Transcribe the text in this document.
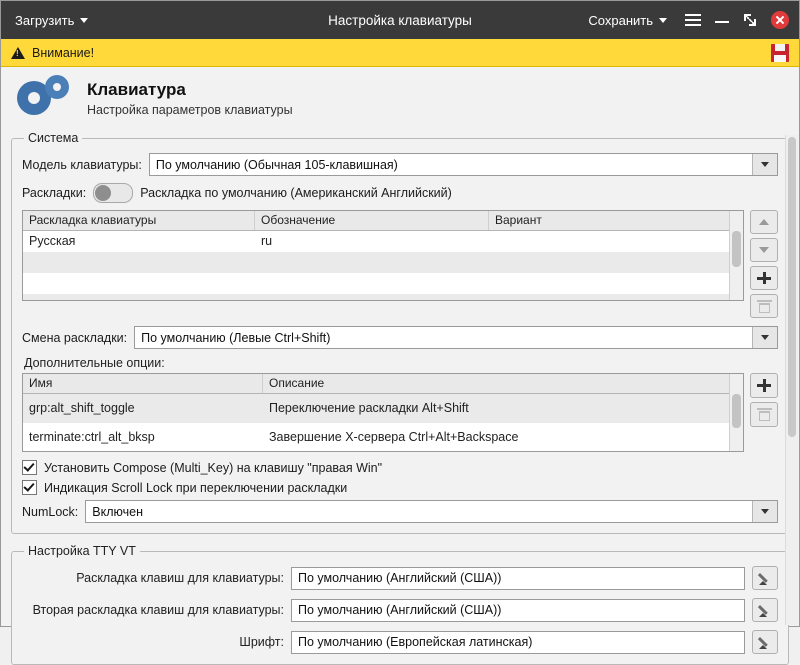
Загрузить	Настройка клавиатуры	Сохранить
!
Внимание!
Клавиатура
Настройка параметров клавиатуры
Система
Модель клавиатуры:	По умолчанию (Обычная 105-клавишная)
Раскладки:	Раскладка по умолчанию (Американский Английский)
Раскладка клавиатуры	Обозначение	Вариант
Русская	ru
Смена раскладки:	По умолчанию (Левые Ctrl+Shift)
Дополнительные опции:
Имя	Описание
grp:alt_shift_toggle	Переключение раскладки Alt+Shift
terminate:ctrl_alt_bksp	Завершение X-сервера Ctrl+Alt+Backspace
Установить Compose (Multi_Key) на клавишу "правая Win"
Индикация Scroll Lock при переключении раскладки
NumLock:	Включен
Настройка TTY VT
Раскладка клавиш для клавиатуры:	По умолчанию (Английский (США))
Вторая раскладка клавиш для клавиатуры:	По умолчанию (Английский (США))
Шрифт:	По умолчанию (Европейская латинская)
